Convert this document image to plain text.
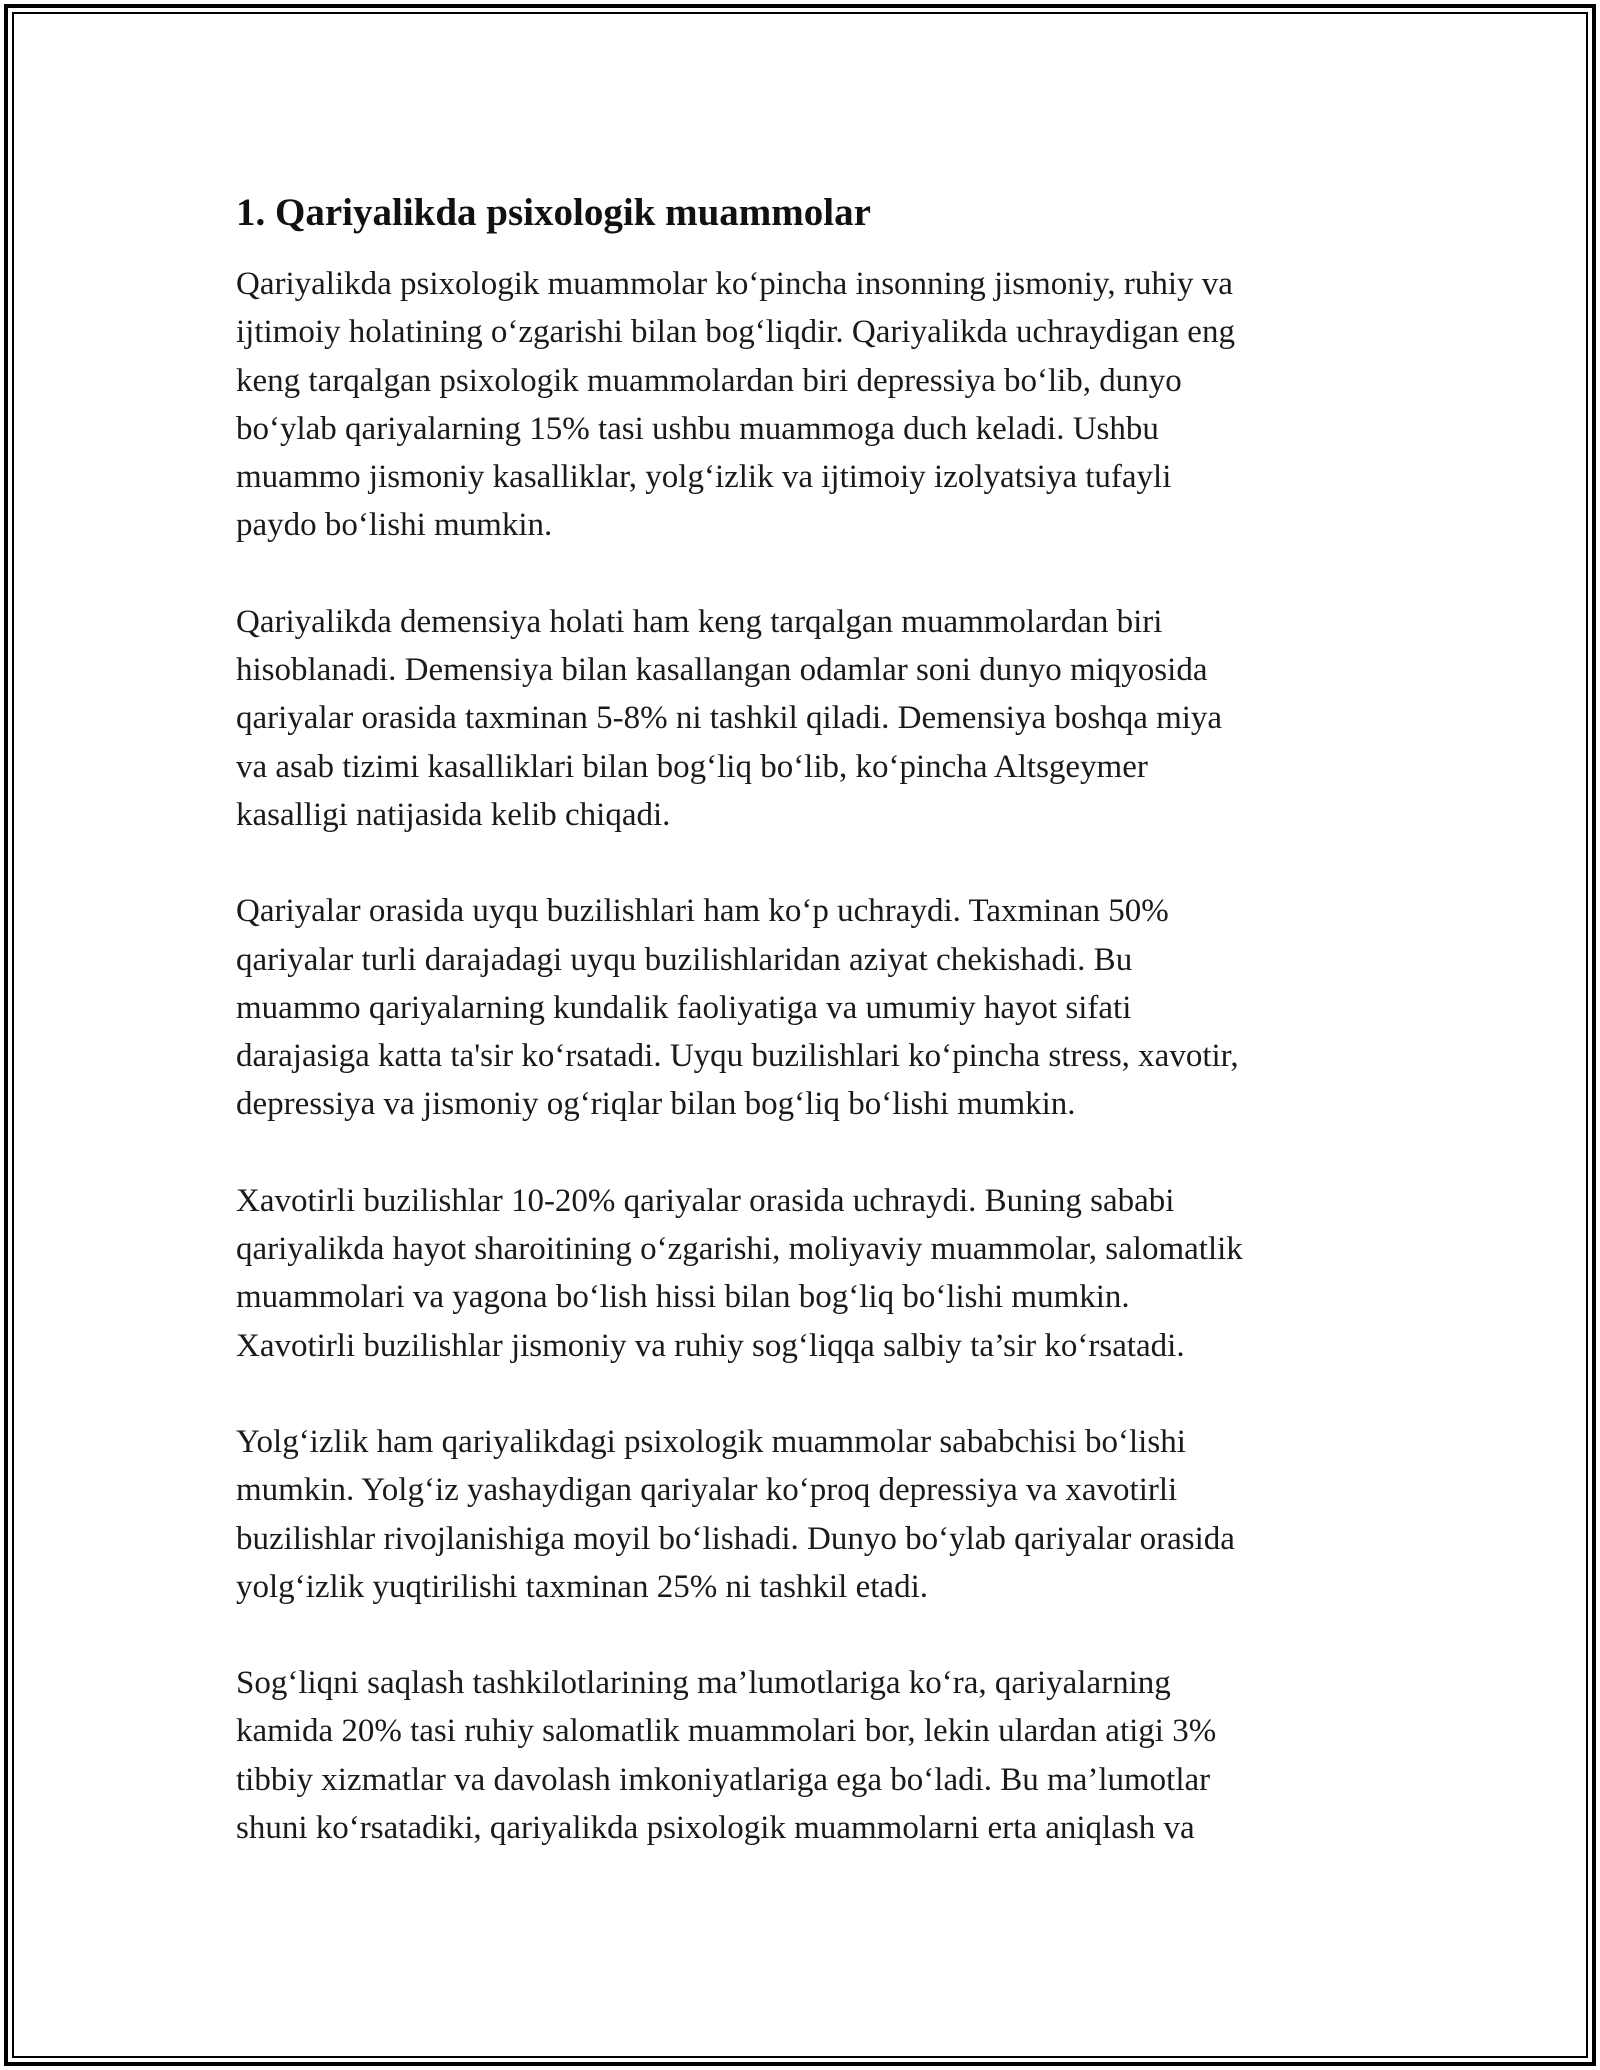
1. Qariyalikda psixologik muammolar

Qariyalikda psixologik muammolar ko‘pincha insonning jismoniy, ruhiy va
ijtimoiy holatining o‘zgarishi bilan bog‘liqdir. Qariyalikda uchraydigan eng
keng tarqalgan psixologik muammolardan biri depressiya bo‘lib, dunyo
bo‘ylab qariyalarning 15% tasi ushbu muammoga duch keladi. Ushbu
muammo jismoniy kasalliklar, yolg‘izlik va ijtimoiy izolyatsiya tufayli
paydo bo‘lishi mumkin.

Qariyalikda demensiya holati ham keng tarqalgan muammolardan biri
hisoblanadi. Demensiya bilan kasallangan odamlar soni dunyo miqyosida
qariyalar orasida taxminan 5-8% ni tashkil qiladi. Demensiya boshqa miya
va asab tizimi kasalliklari bilan bog‘liq bo‘lib, ko‘pincha Altsgeymer
kasalligi natijasida kelib chiqadi.

Qariyalar orasida uyqu buzilishlari ham ko‘p uchraydi. Taxminan 50%
qariyalar turli darajadagi uyqu buzilishlaridan aziyat chekishadi. Bu
muammo qariyalarning kundalik faoliyatiga va umumiy hayot sifati
darajasiga katta ta'sir ko‘rsatadi. Uyqu buzilishlari ko‘pincha stress, xavotir,
depressiya va jismoniy og‘riqlar bilan bog‘liq bo‘lishi mumkin.

Xavotirli buzilishlar 10-20% qariyalar orasida uchraydi. Buning sababi
qariyalikda hayot sharoitining o‘zgarishi, moliyaviy muammolar, salomatlik
muammolari va yagona bo‘lish hissi bilan bog‘liq bo‘lishi mumkin.
Xavotirli buzilishlar jismoniy va ruhiy sog‘liqqa salbiy ta’sir ko‘rsatadi.

Yolg‘izlik ham qariyalikdagi psixologik muammolar sababchisi bo‘lishi
mumkin. Yolg‘iz yashaydigan qariyalar ko‘proq depressiya va xavotirli
buzilishlar rivojlanishiga moyil bo‘lishadi. Dunyo bo‘ylab qariyalar orasida
yolg‘izlik yuqtirilishi taxminan 25% ni tashkil etadi.

Sog‘liqni saqlash tashkilotlarining ma’lumotlariga ko‘ra, qariyalarning
kamida 20% tasi ruhiy salomatlik muammolari bor, lekin ulardan atigi 3%
tibbiy xizmatlar va davolash imkoniyatlariga ega bo‘ladi. Bu ma’lumotlar
shuni ko‘rsatadiki, qariyalikda psixologik muammolarni erta aniqlash va
